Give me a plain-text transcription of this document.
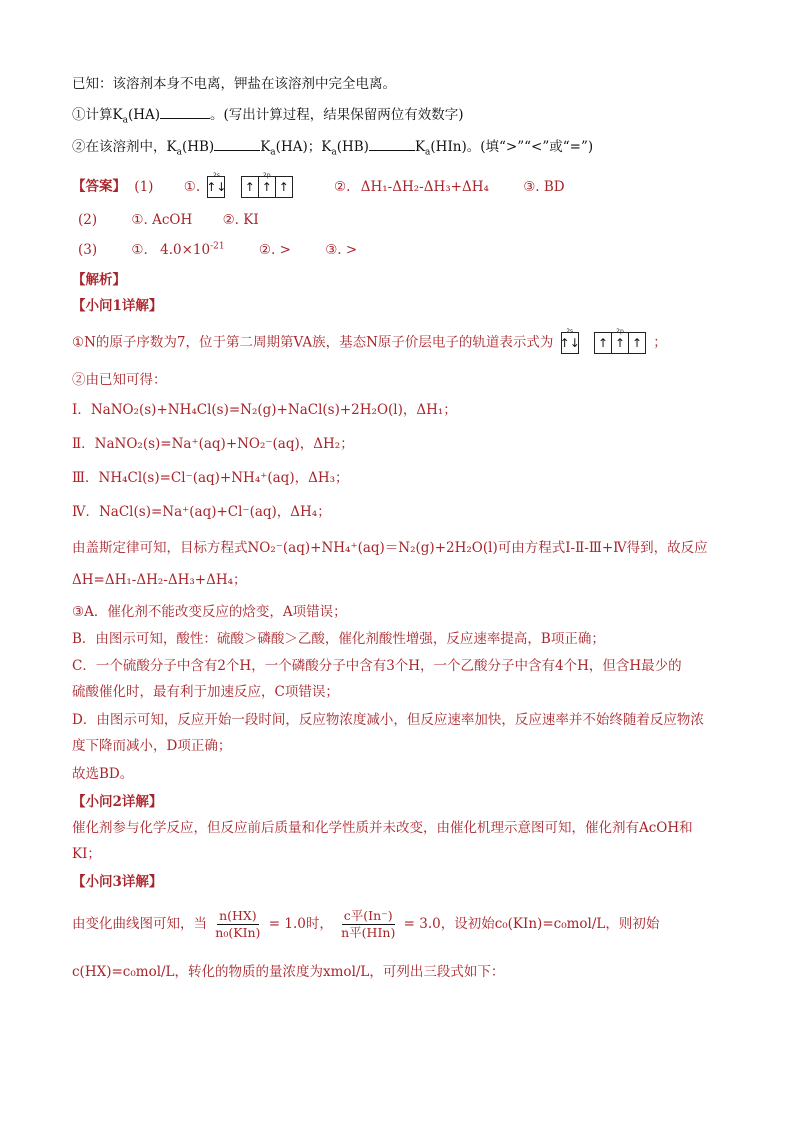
已知：该溶剂本身不电离，钾盐在该溶剂中完全电离。
①计算$K_a(HA)$	。(写出计算过程，结果保留两位有效数字)
②在该溶剂中，$K_a(HB)$	$K_a(HA)$；$K_a(HB)$	$K_a(HIn)$。(填“>”“<”或“=”)
【答案】 (1) ①.
2s
↑↓

2p
↑ ↑ ↑	②. ΔH₁-ΔH₂-ΔH₃+ΔH₄	③. BD
(2)	①. AcOH ②. KI
(3)	①. $4.0\times 10^{-21}$	②. >	③. >
【解析】
【小问1详解】
①N的原子序数为7，位于第二周期第VA族，基态N原子价层电子的轨道表示式为
2s
↑↓

2p
↑ ↑ ↑ ；
②由已知可得：
Ⅰ．NaNO₂(s)+NH₄Cl(s)=N₂(g)+NaCl(s)+2H₂O(l)，ΔH₁；
Ⅱ．NaNO₂(s)=Na⁺(aq)+NO₂⁻(aq)，ΔH₂；
Ⅲ．NH₄Cl(s)=Cl⁻(aq)+NH₄⁺(aq)，ΔH₃；
Ⅳ．NaCl(s)=Na⁺(aq)+Cl⁻(aq)，ΔH₄；
由盖斯定律可知，目标方程式NO₂⁻(aq)+NH₄⁺(aq)＝N₂(g)+2H₂O(l)可由方程式Ⅰ-Ⅱ-Ⅲ+Ⅳ得到，故反应
ΔH=ΔH₁-ΔH₂-ΔH₃+ΔH₄；
③A．催化剂不能改变反应的焓变，A项错误；
B．由图示可知，酸性：硫酸＞磷酸＞乙酸，催化剂酸性增强，反应速率提高，B项正确；
C．一个硫酸分子中含有2个H，一个磷酸分子中含有3个H，一个乙酸分子中含有4个H，但含H最少的
硫酸催化时，最有利于加速反应，C项错误；
D．由图示可知，反应开始一段时间，反应物浓度减小，但反应速率加快，反应速率并不始终随着反应物浓
度下降而减小，D项正确；
故选BD。
【小问2详解】
催化剂参与化学反应，但反应前后质量和化学性质并未改变，由催化机理示意图可知，催化剂有AcOH和
KI；
【小问3详解】
由变化曲线图可知，当 $\frac{n(HX)}{\text{n₀(KIn)}} = 1.0$时， $\frac{\text{c平(In⁻)}}{\text{n平(HIn)}} = 3.0$，设初始c₀(KIn)=c₀mol/L，则初始
c(HX)=c₀mol/L，转化的物质的量浓度为xmol/L，可列出三段式如下：
